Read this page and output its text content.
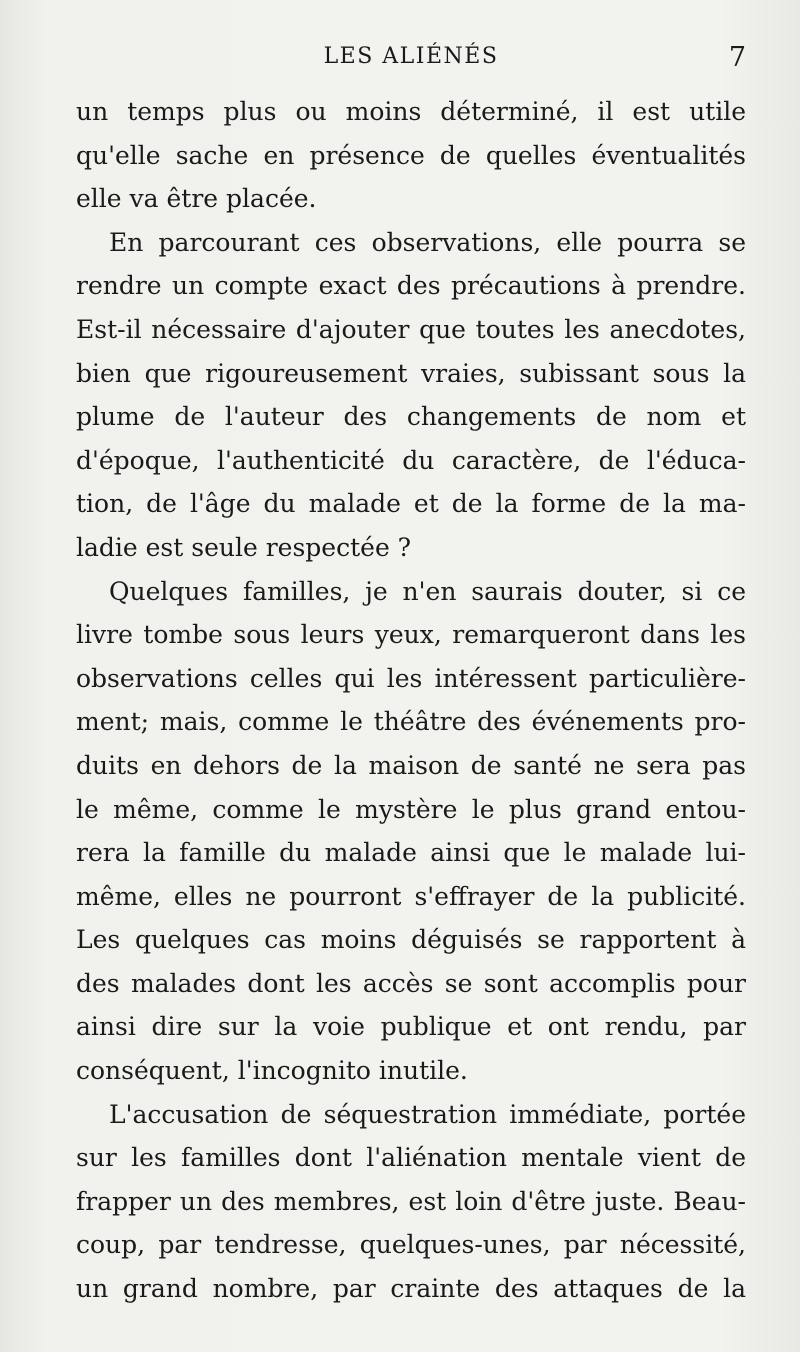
LES ALIÉNÉS	7
un temps plus ou moins déterminé, il est utile
qu'elle sache en présence de quelles éventualités
elle va être placée.
En parcourant ces observations, elle pourra se
rendre un compte exact des précautions à prendre.
Est-il nécessaire d'ajouter que toutes les anecdotes,
bien que rigoureusement vraies, subissant sous la
plume de l'auteur des changements de nom et
d'époque, l'authenticité du caractère, de l'éduca-
tion, de l'âge du malade et de la forme de la ma-
ladie est seule respectée ?
Quelques familles, je n'en saurais douter, si ce
livre tombe sous leurs yeux, remarqueront dans les
observations celles qui les intéressent particulière-
ment; mais, comme le théâtre des événements pro-
duits en dehors de la maison de santé ne sera pas
le même, comme le mystère le plus grand entou-
rera la famille du malade ainsi que le malade lui-
même, elles ne pourront s'effrayer de la publicité.
Les quelques cas moins déguisés se rapportent à
des malades dont les accès se sont accomplis pour
ainsi dire sur la voie publique et ont rendu, par
conséquent, l'incognito inutile.
L'accusation de séquestration immédiate, portée
sur les familles dont l'aliénation mentale vient de
frapper un des membres, est loin d'être juste. Beau-
coup, par tendresse, quelques-unes, par nécessité,
un grand nombre, par crainte des attaques de la
